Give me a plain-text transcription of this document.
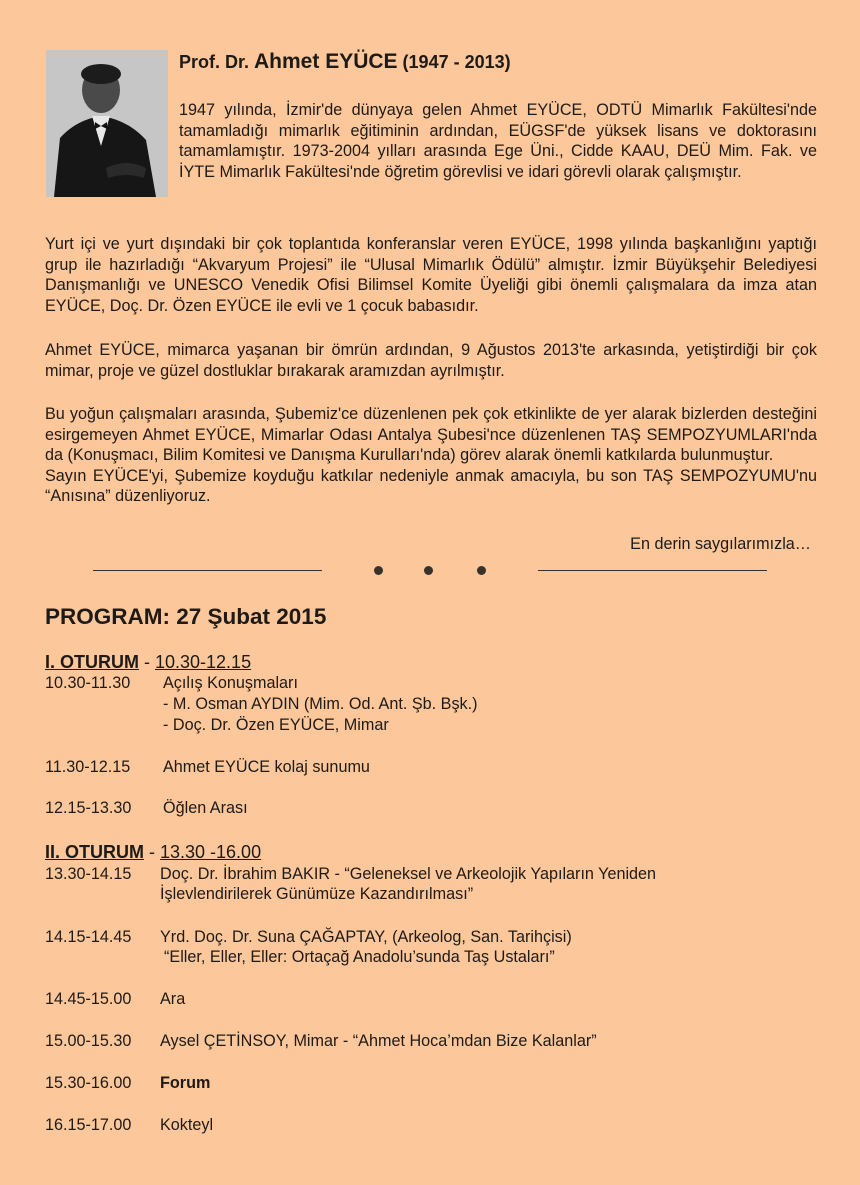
Prof. Dr. Ahmet EYÜCE (1947 - 2013)
1947 yılında, İzmir'de dünyaya gelen Ahmet EYÜCE, ODTÜ Mimarlık Fakültesi'nde tamamladığı mimarlık eğitiminin ardından, EÜGSF'de yüksek lisans ve doktorasını tamamlamıştır. 1973-2004 yılları arasında Ege Üni., Cidde KAAU, DEÜ Mim. Fak. ve İYTE Mimarlık Fakültesi'nde öğretim görevlisi ve idari görevli olarak çalışmıştır.
Yurt içi ve yurt dışındaki bir çok toplantıda konferanslar veren EYÜCE, 1998 yılında başkanlığını yaptığı grup ile hazırladığı “Akvaryum Projesi” ile “Ulusal Mimarlık Ödülü” almıştır. İzmir Büyükşehir Belediyesi Danışmanlığı ve UNESCO Venedik Ofisi Bilimsel Komite Üyeliği gibi önemli çalışmalara da imza atan EYÜCE, Doç. Dr. Özen EYÜCE ile evli ve 1 çocuk babasıdır.
Ahmet EYÜCE, mimarca yaşanan bir ömrün ardından, 9 Ağustos 2013'te arkasında, yetiştirdiği bir çok mimar, proje ve güzel dostluklar bırakarak aramızdan ayrılmıştır.
Bu yoğun çalışmaları arasında, Şubemiz'ce düzenlenen pek çok etkinlikte de yer alarak bizlerden desteğini esirgemeyen Ahmet EYÜCE, Mimarlar Odası Antalya Şubesi'nce düzenlenen TAŞ SEMPOZYUMLARI'nda da (Konuşmacı, Bilim Komitesi ve Danışma Kurulları'nda) görev alarak önemli katkılarda bulunmuştur.
Sayın EYÜCE'yi, Şubemize koyduğu katkılar nedeniyle anmak amacıyla, bu son TAŞ SEMPOZYUMU'nu “Anısına” düzenliyoruz.
En derin saygılarımızla…
PROGRAM: 27 Şubat 2015
I. OTURUM - 10.30-12.15
10.30-11.30 Açılış Konuşmaları
- M. Osman AYDIN (Mim. Od. Ant. Şb. Bşk.)
- Doç. Dr. Özen EYÜCE, Mimar
11.30-12.15 Ahmet EYÜCE kolaj sunumu
12.15-13.30 Öğlen Arası
II. OTURUM - 13.30 -16.00
13.30-14.15 Doç. Dr. İbrahim BAKIR - “Geleneksel ve Arkeolojik Yapıların Yeniden
İşlevlendirilerek Günümüze Kazandırılması”
14.15-14.45 Yrd. Doç. Dr. Suna ÇAĞAPTAY, (Arkeolog, San. Tarihçisi)
“Eller, Eller, Eller: Ortaçağ Anadolu’sunda Taş Ustaları”
14.45-15.00 Ara
15.00-15.30 Aysel ÇETİNSOY, Mimar - “Ahmet Hoca’mdan Bize Kalanlar”
15.30-16.00 Forum
16.15-17.00 Kokteyl
